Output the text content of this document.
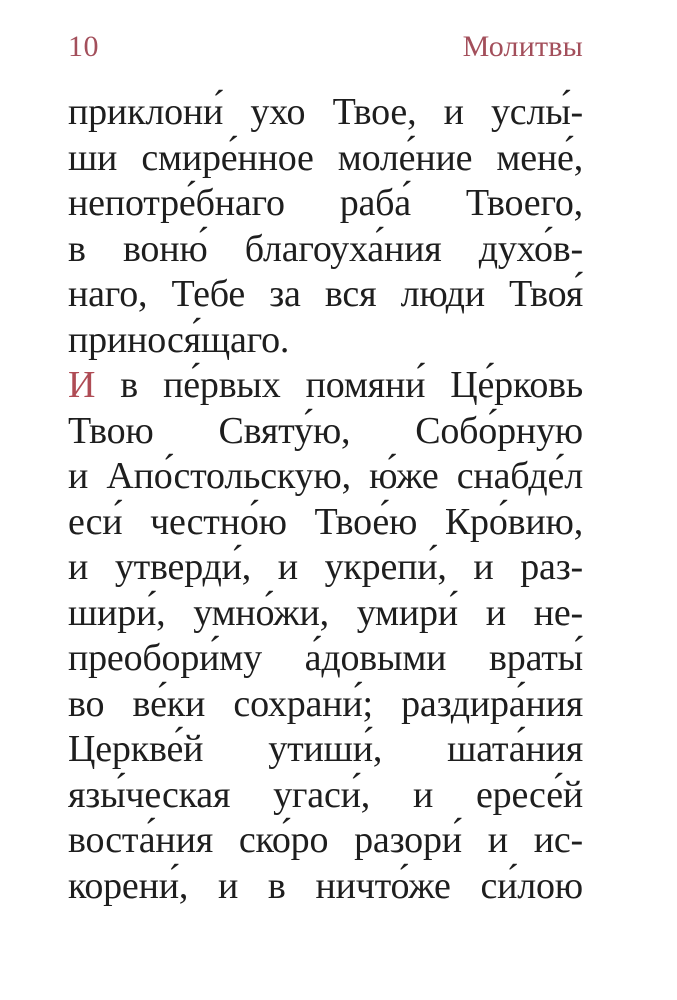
10	Молитвы
приклони́ ухо Твое, и услы́-
ши смире́нное моле́ние мене́,
непотре́бнаго раба́ Твоего,
в воню́ благоуха́ния духо́в-
наго, Тебе за вся люди Твоя́
принося́щаго.
И в пе́рвых помяни́ Це́рковь
Твою Святу́ю, Собо́рную
и Апо́стольскую, ю́же снабде́л
еси́ честно́ю Твое́ю Кро́вию,
и утверди́, и укрепи́, и раз-
шири́, умно́жи, умири́ и не-
преобори́му а́довыми враты́
во ве́ки сохрани́; раздира́ния
Церкве́й утиши́, шата́ния
язы́ческая угаси́, и ересе́й
воста́ния ско́ро разори́ и ис-
корени́, и в ничто́же си́лою
